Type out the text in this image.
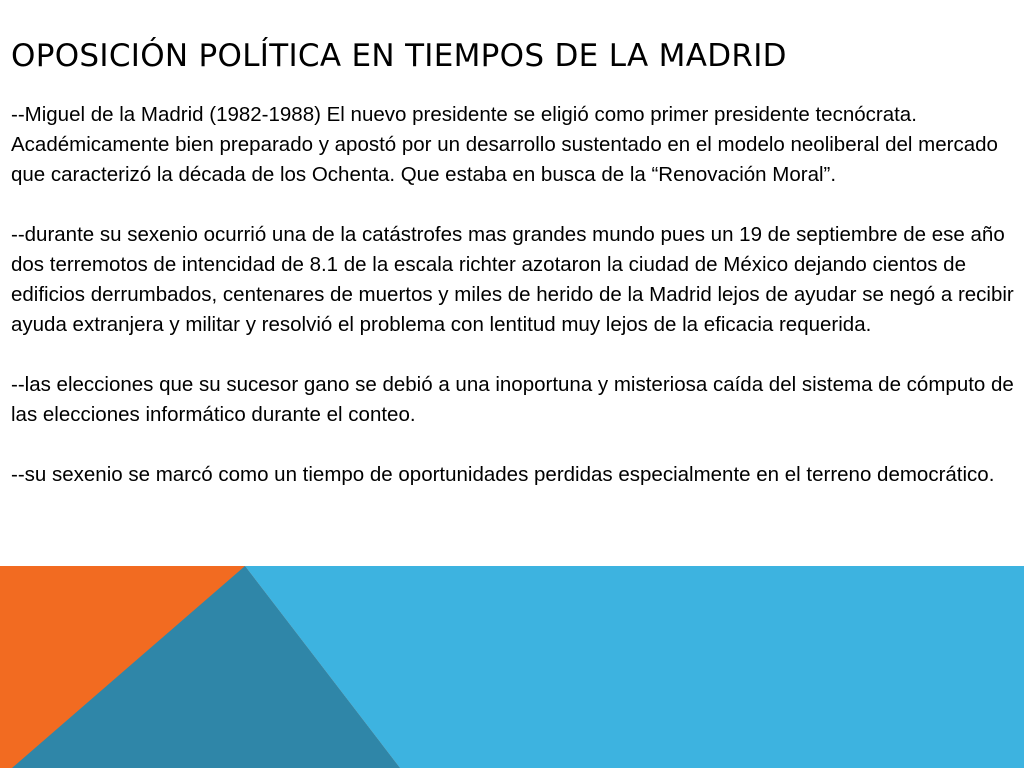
OPOSICIÓN POLÍTICA EN TIEMPOS DE LA MADRID

--Miguel de la Madrid (1982-1988) El nuevo presidente se eligió como primer presidente tecnócrata. Académicamente bien preparado y apostó por un desarrollo sustentado en el modelo neoliberal del mercado que caracterizó la década de los Ochenta. Que estaba en busca de la “Renovación Moral”.

--durante su sexenio ocurrió una de la catástrofes mas grandes mundo pues un 19 de septiembre de ese año dos terremotos de intencidad de 8.1 de la escala richter azotaron la ciudad de México dejando cientos de edificios derrumbados, centenares de muertos y miles de herido de la Madrid lejos de ayudar se negó a recibir ayuda extranjera y militar y resolvió el problema con lentitud muy lejos de la eficacia requerida.

--las elecciones que su sucesor gano se debió a una inoportuna y misteriosa caída del sistema de cómputo de las elecciones informático durante el conteo.

--su sexenio se marcó como un tiempo de oportunidades perdidas especialmente en el terreno democrático.
